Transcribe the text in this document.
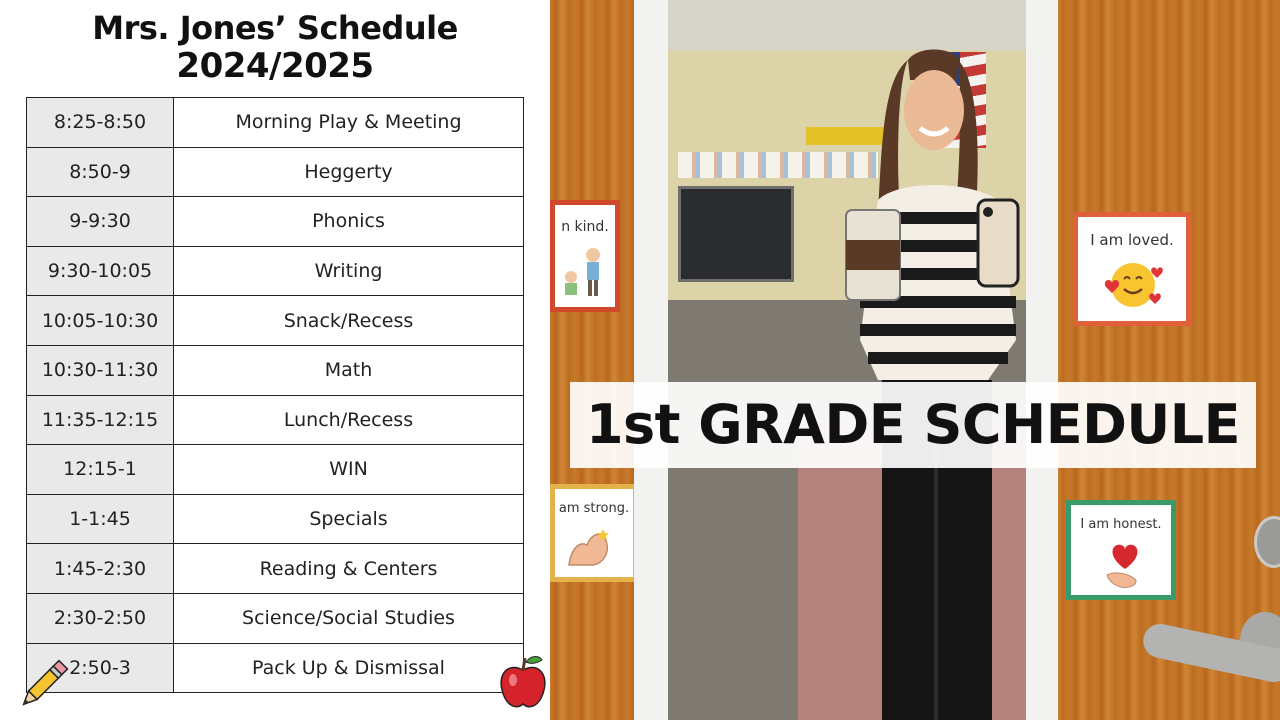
Mrs. Jones’ Schedule
2024/2025
8:25-8:50	Morning Play & Meeting
8:50-9	Heggerty
9-9:30	Phonics
9:30-10:05	Writing
10:05-10:30	Snack/Recess
10:30-11:30	Math
11:35-12:15	Lunch/Recess
12:15-1	WIN
1-1:45	Specials
1:45-2:30	Reading & Centers
2:30-2:50	Science/Social Studies
2:50-3	Pack Up & Dismissal
n kind.
I am loved.
am strong.
I am honest.
1st GRADE SCHEDULE
